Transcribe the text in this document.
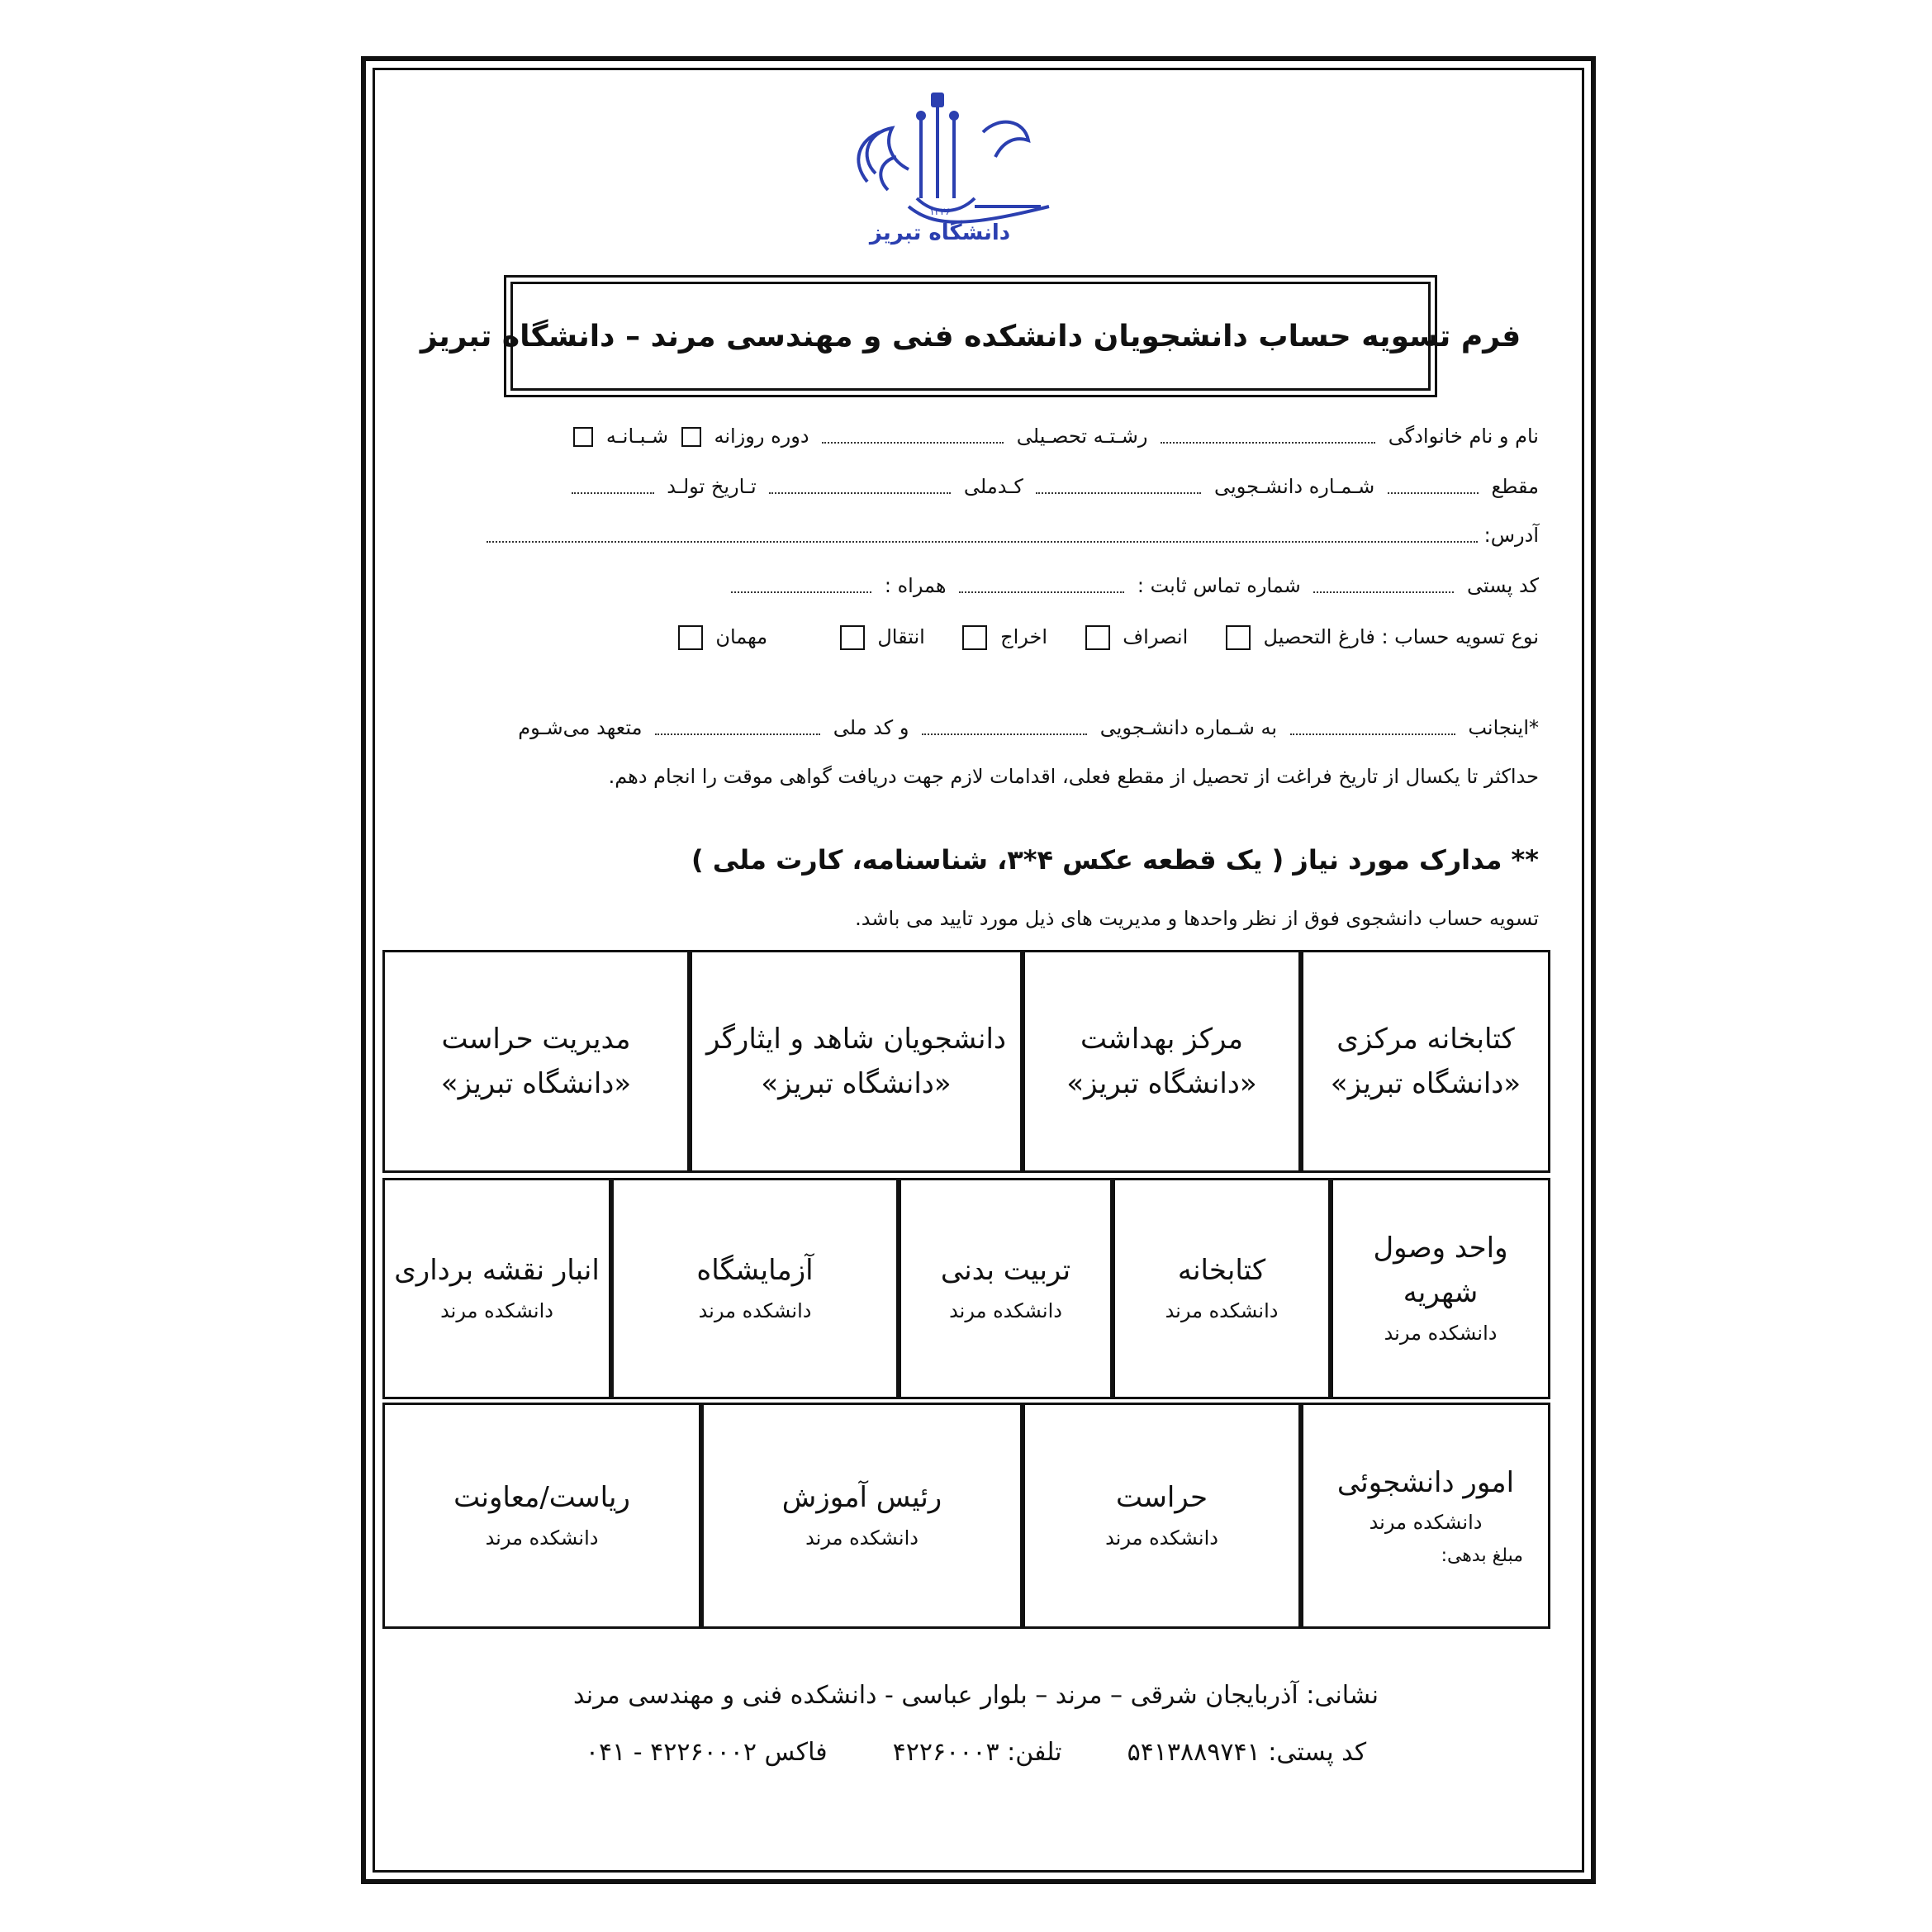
دانشگاه تبریز
۱۳۲۶
فرم تسویه حساب دانشجویان دانشکده فنی و مهندسی مرند – دانشگاه تبریز
نام و نام خانوادگی  رشـتـه تحصـیلی  دوره روزانه  شـبـانـه
مقطع  شـمـاره دانشـجویی  کـدملی  تـاریخ تولـد
آدرس:
کد پستی  شماره تماس ثابت :  همراه :
نوع تسویه حساب : فارغ التحصیل  انصراف  اخراج  انتقال  مهمان
*اینجانب  به شـماره دانشـجویی  و کد ملی  متعهد می‌شـوم
حداکثر تا یکسال از تاریخ فراغت از تحصیل از مقطع فعلی، اقدامات لازم جهت دریافت گواهی موقت را انجام دهم.
** مدارک مورد نیاز ( یک قطعه عکس ۴*۳، شناسنامه، کارت ملی )
تسویه حساب دانشجوی فوق از نظر واحدها و مدیریت های ذیل مورد تایید می باشد.
کتابخانه مرکزی
«دانشگاه تبریز»
مرکز بهداشت
«دانشگاه تبریز»
دانشجویان شاهد و ایثارگر
«دانشگاه تبریز»
مدیریت حراست
«دانشگاه تبریز»
واحد وصول
شهریه
دانشکده مرند
کتابخانه
دانشکده مرند
تربیت بدنی
دانشکده مرند
آزمایشگاه
دانشکده مرند
انبار نقشه برداری
دانشکده مرند
امور دانشجوئی
دانشکده مرند
مبلغ بدهی:
حراست
دانشکده مرند
رئیس آموزش
دانشکده مرند
ریاست/معاونت
دانشکده مرند
نشانی: آذربایجان شرقی – مرند – بلوار عباسی - دانشکده فنی و مهندسی مرند
کد پستی: ۵۴۱۳۸۸۹۷۴۱  تلفن: ۴۲۲۶۰۰۰۳  فاکس ۴۲۲۶۰۰۰۲ - ۰۴۱
